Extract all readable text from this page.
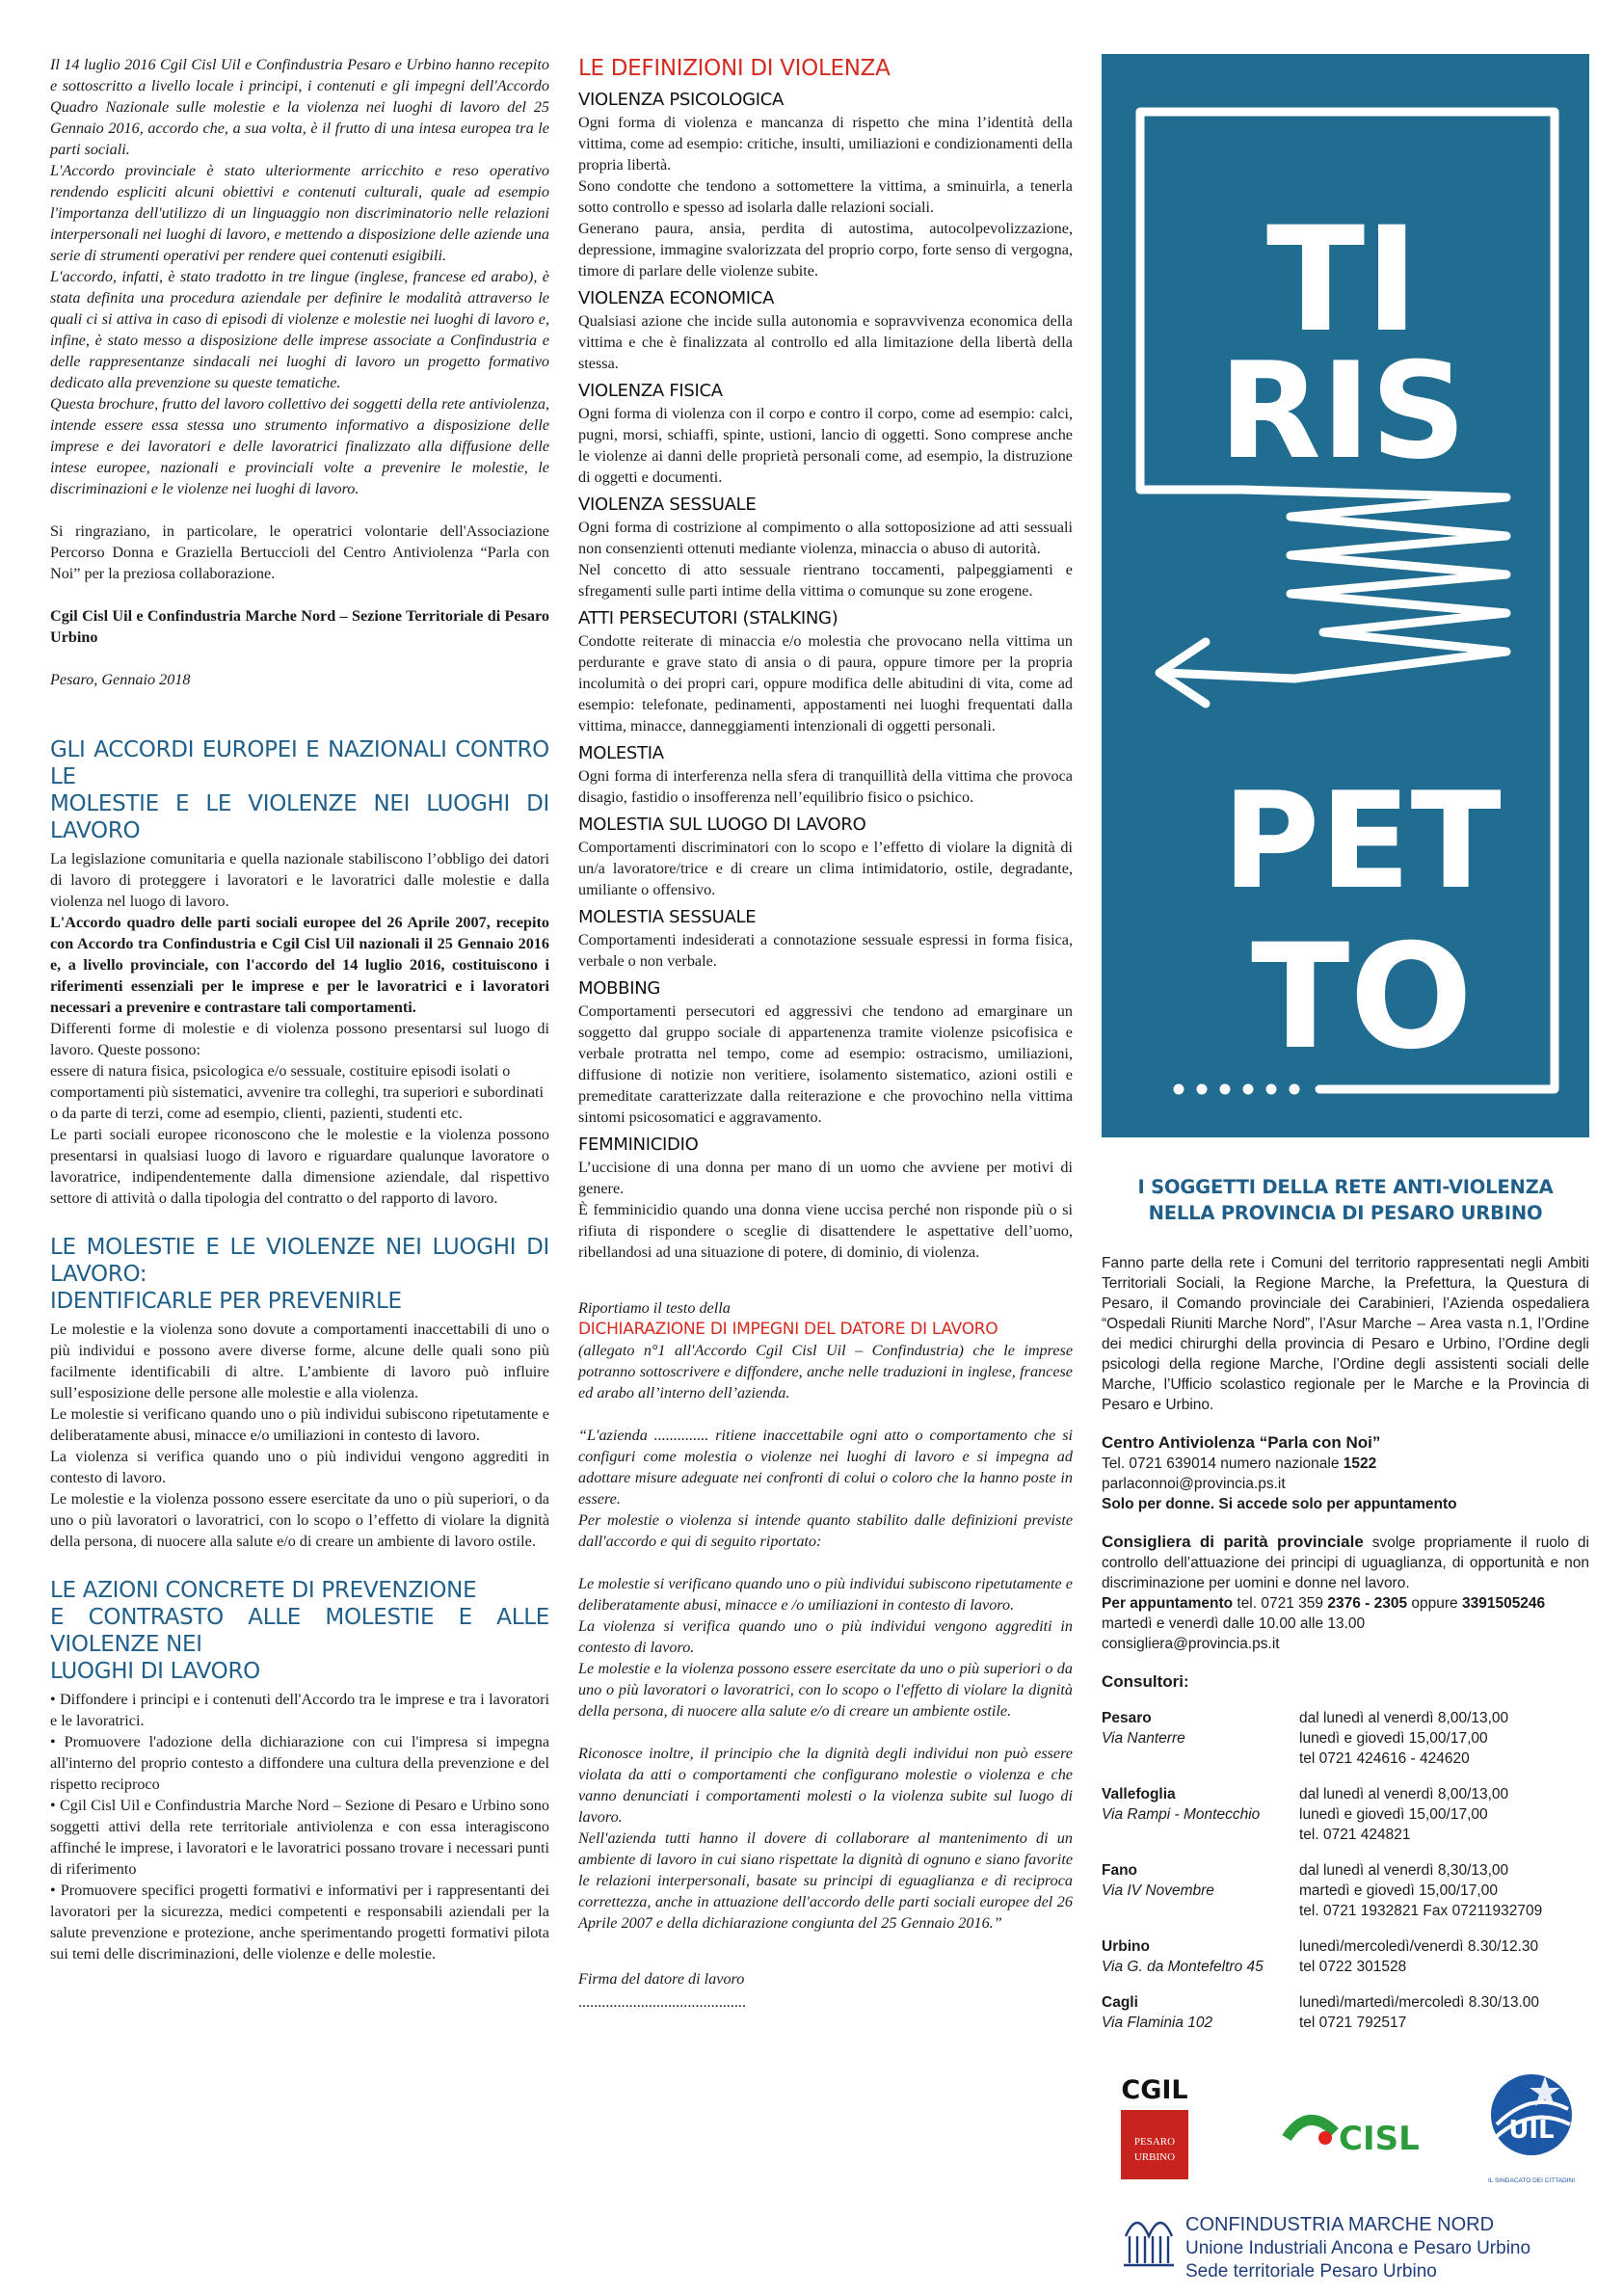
Il 14 luglio 2016 Cgil Cisl Uil e Confindustria Pesaro e Urbino hanno recepito e sottoscritto a livello locale i principi, i contenuti e gli impegni dell'Accordo Quadro Nazionale sulle molestie e la violenza nei luoghi di lavoro del 25 Gennaio 2016, accordo che, a sua volta, è il frutto di una intesa europea tra le parti sociali.

L'Accordo provinciale è stato ulteriormente arricchito e reso operativo rendendo espliciti alcuni obiettivi e contenuti culturali, quale ad esempio l'importanza dell'utilizzo di un linguaggio non discriminatorio nelle relazioni interpersonali nei luoghi di lavoro, e mettendo a disposizione delle aziende una serie di strumenti operativi per rendere quei contenuti esigibili.

L'accordo, infatti, è stato tradotto in tre lingue (inglese, francese ed arabo), è stata definita una procedura aziendale per definire le modalità attraverso le quali ci si attiva in caso di episodi di violenze e molestie nei luoghi di lavoro e, infine, è stato messo a disposizione delle imprese associate a Confindustria e delle rappresentanze sindacali nei luoghi di lavoro un progetto formativo dedicato alla prevenzione su queste tematiche.

Questa brochure, frutto del lavoro collettivo dei soggetti della rete antiviolenza, intende essere essa stessa uno strumento informativo a disposizione delle imprese e dei lavoratori e delle lavoratrici finalizzato alla diffusione delle intese europee, nazionali e provinciali volte a prevenire le molestie, le discriminazioni e le violenze nei luoghi di lavoro.

Si ringraziano, in particolare, le operatrici volontarie dell'Associazione Percorso Donna e Graziella Bertuccioli del Centro Antiviolenza “Parla con Noi” per la preziosa collaborazione.

Cgil Cisl Uil e Confindustria Marche Nord – Sezione Territoriale di Pesaro Urbino

Pesaro, Gennaio 2018

GLI ACCORDI EUROPEI E NAZIONALI CONTRO LE
MOLESTIE E LE VIOLENZE NEI LUOGHI DI LAVORO

La legislazione comunitaria e quella nazionale stabiliscono l’obbligo dei datori di lavoro di proteggere i lavoratori e le lavoratrici dalle molestie e dalla violenza nel luogo di lavoro.

L'Accordo quadro delle parti sociali europee del 26 Aprile 2007, recepito con Accordo tra Confindustria e Cgil Cisl Uil nazionali il 25 Gennaio 2016 e, a livello provinciale, con l'accordo del 14 luglio 2016, costituiscono i riferimenti essenziali per le imprese e per le lavoratrici e i lavoratori necessari a prevenire e contrastare tali comportamenti.

Differenti forme di molestie e di violenza possono presentarsi sul luogo di lavoro. Queste possono:

essere di natura fisica, psicologica e/o sessuale, costituire episodi isolati o comportamenti più sistematici, avvenire tra colleghi, tra superiori e subordinati o da parte di terzi, come ad esempio, clienti, pazienti, studenti etc.

Le parti sociali europee riconoscono che le molestie e la violenza possono presentarsi in qualsiasi luogo di lavoro e riguardare qualunque lavoratore o lavoratrice, indipendentemente dalla dimensione aziendale, dal rispettivo settore di attività o dalla tipologia del contratto o del rapporto di lavoro.

LE MOLESTIE E LE VIOLENZE NEI LUOGHI DI LAVORO:
IDENTIFICARLE PER PREVENIRLE

Le molestie e la violenza sono dovute a comportamenti inaccettabili di uno o più individui e possono avere diverse forme, alcune delle quali sono più facilmente identificabili di altre. L’ambiente di lavoro può influire sull’esposizione delle persone alle molestie e alla violenza.

Le molestie si verificano quando uno o più individui subiscono ripetutamente e deliberatamente abusi, minacce e/o umiliazioni in contesto di lavoro.

La violenza si verifica quando uno o più individui vengono aggrediti in contesto di lavoro.

Le molestie e la violenza possono essere esercitate da uno o più superiori, o da uno o più lavoratori o lavoratrici, con lo scopo o l’effetto di violare la dignità della persona, di nuocere alla salute e/o di creare un ambiente di lavoro ostile.

LE AZIONI CONCRETE DI PREVENZIONE
E CONTRASTO ALLE MOLESTIE E ALLE VIOLENZE NEI
LUOGHI DI LAVORO

• Diffondere i principi e i contenuti dell'Accordo tra le imprese e tra i lavoratori e le lavoratrici.

• Promuovere l'adozione della dichiarazione con cui l'impresa si impegna all'interno del proprio contesto a diffondere una cultura della prevenzione e del rispetto reciproco

• Cgil Cisl Uil e Confindustria Marche Nord – Sezione di Pesaro e Urbino sono soggetti attivi della rete territoriale antiviolenza e con essa interagiscono affinché le imprese, i lavoratori e le lavoratrici possano trovare i necessari punti di riferimento

• Promuovere specifici progetti formativi e informativi per i rappresentanti dei lavoratori per la sicurezza, medici competenti e responsabili aziendali per la salute prevenzione e protezione, anche sperimentando progetti formativi pilota sui temi delle discriminazioni, delle violenze e delle molestie.

LE DEFINIZIONI DI VIOLENZA
VIOLENZA PSICOLOGICA

Ogni forma di violenza e mancanza di rispetto che mina l’identità della vittima, come ad esempio: critiche, insulti, umiliazioni e condizionamenti della propria libertà.

Sono condotte che tendono a sottomettere la vittima, a sminuirla, a tenerla sotto controllo e spesso ad isolarla dalle relazioni sociali.

Generano paura, ansia, perdita di autostima, autocolpevolizzazione, depressione, immagine svalorizzata del proprio corpo, forte senso di vergogna, timore di parlare delle violenze subite.

VIOLENZA ECONOMICA

Qualsiasi azione che incide sulla autonomia e sopravvivenza economica della vittima e che è finalizzata al controllo ed alla limitazione della libertà della stessa.

VIOLENZA FISICA

Ogni forma di violenza con il corpo e contro il corpo, come ad esempio: calci, pugni, morsi, schiaffi, spinte, ustioni, lancio di oggetti. Sono comprese anche le violenze ai danni delle proprietà personali come, ad esempio, la distruzione di oggetti e documenti.

VIOLENZA SESSUALE

Ogni forma di costrizione al compimento o alla sottoposizione ad atti sessuali non consenzienti ottenuti mediante violenza, minaccia o abuso di autorità.

Nel concetto di atto sessuale rientrano toccamenti, palpeggiamenti e sfregamenti sulle parti intime della vittima o comunque su zone erogene.

ATTI PERSECUTORI (STALKING)

Condotte reiterate di minaccia e/o molestia che provocano nella vittima un perdurante e grave stato di ansia o di paura, oppure timore per la propria incolumità o dei propri cari, oppure modifica delle abitudini di vita, come ad esempio: telefonate, pedinamenti, appostamenti nei luoghi frequentati dalla vittima, minacce, danneggiamenti intenzionali di oggetti personali.

MOLESTIA

Ogni forma di interferenza nella sfera di tranquillità della vittima che provoca disagio, fastidio o insofferenza nell’equilibrio fisico o psichico.

MOLESTIA SUL LUOGO DI LAVORO

Comportamenti discriminatori con lo scopo e l’effetto di violare la dignità di un/a lavoratore/trice e di creare un clima intimidatorio, ostile, degradante, umiliante o offensivo.

MOLESTIA SESSUALE

Comportamenti indesiderati a connotazione sessuale espressi in forma fisica, verbale o non verbale.

MOBBING

Comportamenti persecutori ed aggressivi che tendono ad emarginare un soggetto dal gruppo sociale di appartenenza tramite violenze psicofisica e verbale protratta nel tempo, come ad esempio: ostracismo, umiliazioni, diffusione di notizie non veritiere, isolamento sistematico, azioni ostili e premeditate caratterizzate dalla reiterazione e che provochino nella vittima sintomi psicosomatici e aggravamento.

FEMMINICIDIO

L’uccisione di una donna per mano di un uomo che avviene per motivi di genere.

È femminicidio quando una donna viene uccisa perché non risponde più o si rifiuta di rispondere o sceglie di disattendere le aspettative dell’uomo, ribellandosi ad una situazione di potere, di dominio, di violenza.

Riportiamo il testo della

DICHIARAZIONE DI IMPEGNI DEL DATORE DI LAVORO

(allegato n°1 all'Accordo Cgil Cisl Uil – Confindustria) che le imprese potranno sottoscrivere e diffondere, anche nelle traduzioni in inglese, francese ed arabo all’interno dell’azienda.

“L'azienda .............. ritiene inaccettabile ogni atto o comportamento che si configuri come molestia o violenze nei luoghi di lavoro e si impegna ad adottare misure adeguate nei confronti di colui o coloro che la hanno poste in essere.

Per molestie o violenza si intende quanto stabilito dalle definizioni previste dall'accordo e qui di seguito riportato:

Le molestie si verificano quando uno o più individui subiscono ripetutamente e deliberatamente abusi, minacce e /o umiliazioni in contesto di lavoro.

La violenza si verifica quando uno o più individui vengono aggrediti in contesto di lavoro.

Le molestie e la violenza possono essere esercitate da uno o più superiori o da uno o più lavoratori o lavoratrici, con lo scopo o l'effetto di violare la dignità della persona, di nuocere alla salute e/o di creare un ambiente ostile.

Riconosce inoltre, il principio che la dignità degli individui non può essere violata da atti o comportamenti che configurano molestie o violenza e che vanno denunciati i comportamenti molesti o la violenza subite sul luogo di lavoro.

Nell'azienda tutti hanno il dovere di collaborare al mantenimento di un ambiente di lavoro in cui siano rispettate la dignità di ognuno e siano favorite le relazioni interpersonali, basate su principi di eguaglianza e di reciproca correttezza, anche in attuazione dell'accordo delle parti sociali europee del 26 Aprile 2007 e della dichiarazione congiunta del 25 Gennaio 2016.”

Firma del datore di lavoro

...........................................

TI
RIS
PET
TO
I SOGGETTI DELLA RETE ANTI-VIOLENZA
NELLA PROVINCIA DI PESARO URBINO

Fanno parte della rete i Comuni del territorio rappresentati negli Ambiti Territoriali Sociali, la Regione Marche, la Prefettura, la Questura di Pesaro, il Comando provinciale dei Carabinieri, l’Azienda ospedaliera “Ospedali Riuniti Marche Nord”, l’Asur Marche – Area vasta n.1, l’Ordine dei medici chirurghi della provincia di Pesaro e Urbino, l’Ordine degli psicologi della regione Marche, l’Ordine degli assistenti sociali delle Marche, l’Ufficio scolastico regionale per le Marche e la Provincia di Pesaro e Urbino.

Centro Antiviolenza “Parla con Noi”

Tel. 0721 639014 numero nazionale 1522

parlaconnoi@provincia.ps.it

Solo per donne. Si accede solo per appuntamento

Consigliera di parità provinciale svolge propriamente il ruolo di controllo dell’attuazione dei principi di uguaglianza, di opportunità e non discriminazione per uomini e donne nel lavoro.

Per appuntamento tel. 0721 359 2376 - 2305 oppure 3391505246

martedì e venerdì dalle 10.00 alle 13.00

consigliera@provincia.ps.it

Consultori:

Pesaro
Via Nanterre
dal lunedì al venerdì 8,00/13,00
lunedì e giovedì 15,00/17,00
tel 0721 424616 - 424620
Vallefoglia
Via Rampi - Montecchio
dal lunedì al venerdì 8,00/13,00
lunedì e giovedì 15,00/17,00
tel. 0721 424821
Fano
Via IV Novembre
dal lunedì al venerdì 8,30/13,00
martedì e giovedì 15,00/17,00
tel. 0721 1932821 Fax 07211932709
Urbino
Via G. da Montefeltro 45
lunedì/mercoledì/venerdì 8.30/12.30
tel 0722 301528
Cagli
Via Flaminia 102
lunedì/martedì/mercoledì 8.30/13.00
tel 0721 792517
CGIL
PESARO
URBINO	CISL	UIL
IL SINDACATO DEI CITTADINI
CONFINDUSTRIA MARCHE NORD
Unione Industriali Ancona e Pesaro Urbino
Sede territoriale Pesaro Urbino
